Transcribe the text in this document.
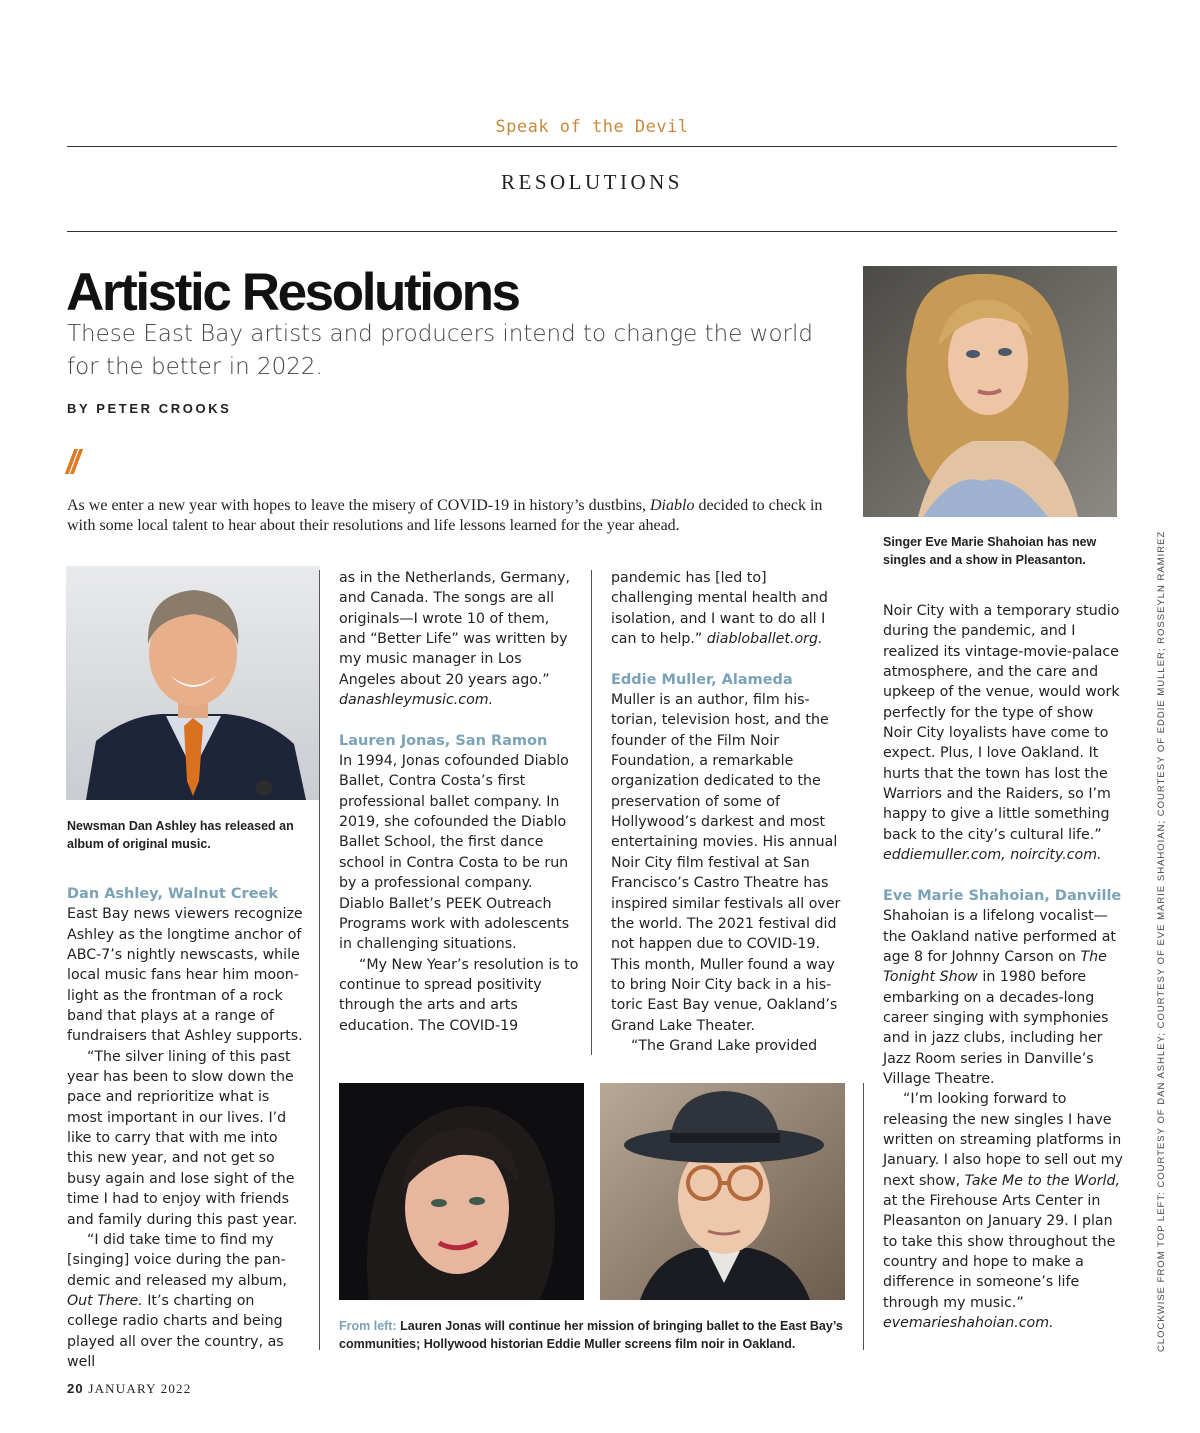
Speak of the Devil
RESOLUTIONS
Artistic Resolutions
These East Bay artists and producers intend to change the world for the better in 2022.
BY PETER CROOKS
//

As we enter a new year with hopes to leave the misery of COVID-19 in history’s dustbins, Diablo decided to check in with some local talent to hear about their resolutions and life lessons learned for the year ahead.

Newsman Dan Ashley has released an album of original music.
Singer Eve Marie Shahoian has new singles and a show in Pleasanton.

Dan Ashley, Walnut Creek

East Bay news viewers recognize Ashley as the longtime anchor of ABC-7’s nightly newscasts, while local music fans hear him moon-light as the frontman of a rock band that plays at a range of fundraisers that Ashley supports.

“The silver lining of this past year has been to slow down the pace and reprioritize what is most important in our lives. I’d like to carry that with me into this new year, and not get so busy again and lose sight of the time I had to enjoy with friends and family during this past year.

“I did take time to find my [singing] voice during the pan-demic and released my album, Out There. It’s charting on college radio charts and being played all over the country, as well

as in the Netherlands, Germany, and Canada. The songs are all originals—I wrote 10 of them, and “Better Life” was written by my music manager in Los Angeles about 20 years ago.” danashleymusic.com.

Lauren Jonas, San Ramon

In 1994, Jonas cofounded Diablo Ballet, Contra Costa’s first professional ballet company. In 2019, she cofounded the Diablo Ballet School, the first dance school in Contra Costa to be run by a professional company. Diablo Ballet’s PEEK Outreach Programs work with adolescents in challenging situations.

“My New Year’s resolution is to continue to spread positivity through the arts and arts education. The COVID-19

pandemic has [led to] challenging mental health and isolation, and I want to do all I can to help.” diabloballet.org.

Eddie Muller, Alameda

Muller is an author, film his-torian, television host, and the founder of the Film Noir Foundation, a remarkable organization dedicated to the preservation of some of Hollywood’s darkest and most entertaining movies. His annual Noir City film festival at San Francisco’s Castro Theatre has inspired similar festivals all over the world. The 2021 festival did not happen due to COVID-19. This month, Muller found a way to bring Noir City back in a his-toric East Bay venue, Oakland’s Grand Lake Theater.

“The Grand Lake provided

From left: Lauren Jonas will continue her mission of bringing ballet to the East Bay’s communities; Hollywood historian Eddie Muller screens film noir in Oakland.

Noir City with a temporary studio during the pandemic, and I realized its vintage-movie-palace atmosphere, and the care and upkeep of the venue, would work perfectly for the type of show Noir City loyalists have come to expect. Plus, I love Oakland. It hurts that the town has lost the Warriors and the Raiders, so I’m happy to give a little something back to the city’s cultural life.” eddiemuller.com, noircity.com.

Eve Marie Shahoian, Danville

Shahoian is a lifelong vocalist—the Oakland native performed at age 8 for Johnny Carson on The Tonight Show in 1980 before embarking on a decades-long career singing with symphonies and in jazz clubs, including her Jazz Room series in Danville’s Village Theatre.

“I’m looking forward to releasing the new singles I have written on streaming platforms in January. I also hope to sell out my next show, Take Me to the World, at the Firehouse Arts Center in Pleasanton on January 29. I plan to take this show throughout the country and hope to make a difference in someone’s life through my music.” evemarieshahoian.com.	CLOCKWISE FROM TOP LEFT: COURTESY OF DAN ASHLEY; COURTESY OF EVE MARIE SHAHOIAN; COURTESY OF EDDIE MULLER; ROSSEYLN RAMIREZ
20 JANUARY 2022
